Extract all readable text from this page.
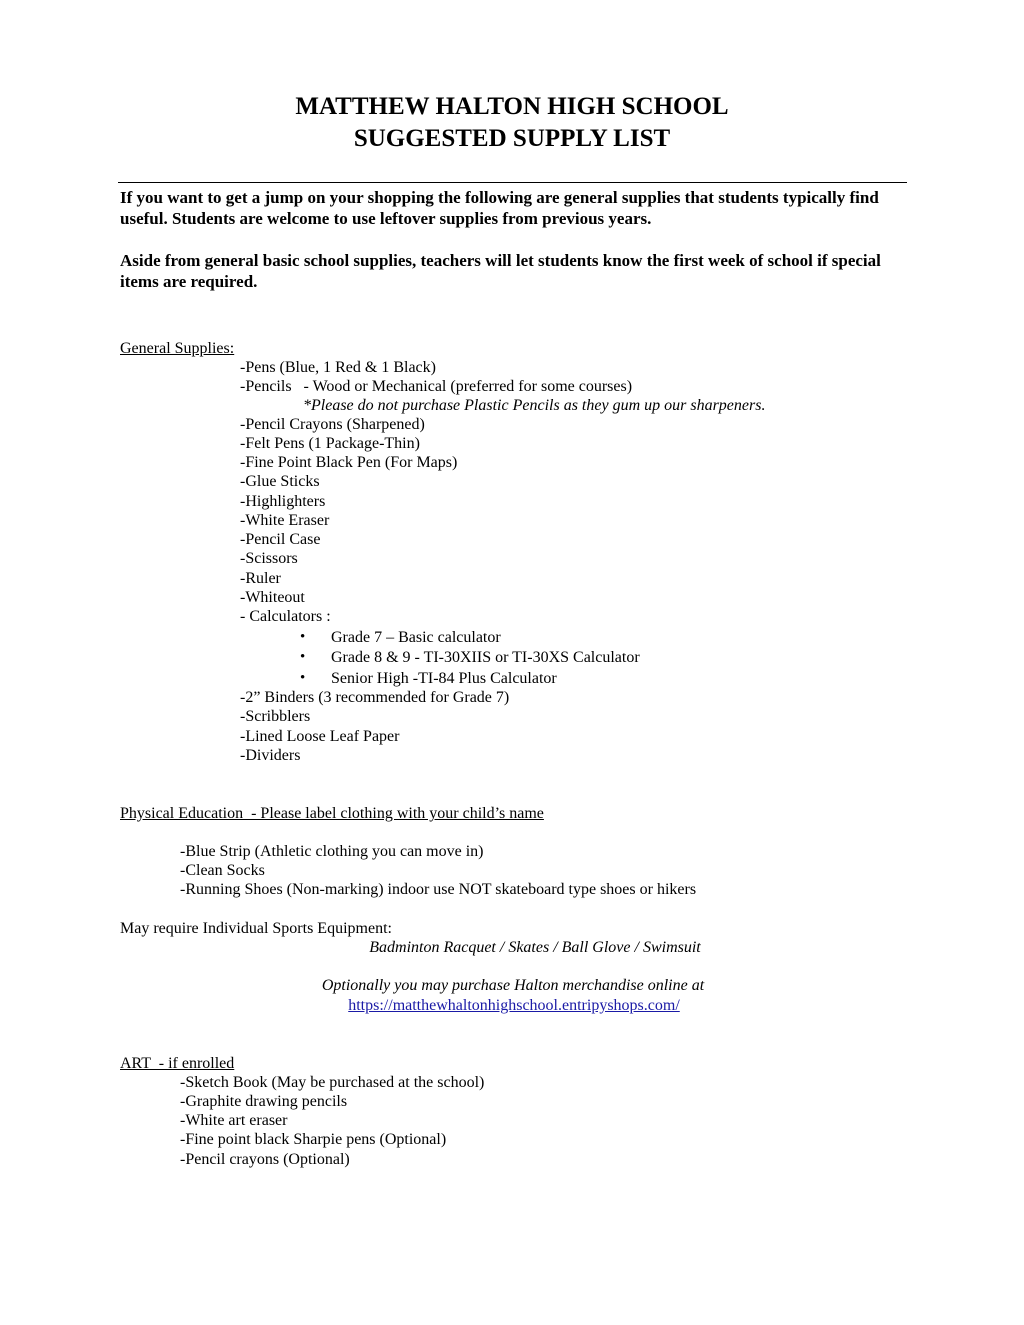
MATTHEW HALTON HIGH SCHOOL
SUGGESTED SUPPLY LIST
If you want to get a jump on your shopping the following are general supplies that students typically find useful. Students are welcome to use leftover supplies from previous years.
Aside from general basic school supplies, teachers will let students know the first week of school if special items are required.
General Supplies:
-Pens (Blue, 1 Red & 1 Black)
-Pencils   - Wood or Mechanical (preferred for some courses)
*Please do not purchase Plastic Pencils as they gum up our sharpeners.
-Pencil Crayons (Sharpened)
-Felt Pens (1 Package-Thin)
-Fine Point Black Pen (For Maps)
-Glue Sticks
-Highlighters
-White Eraser
-Pencil Case
-Scissors
-Ruler
-Whiteout
- Calculators :
• Grade 7 – Basic calculator
• Grade 8 & 9 - TI-30XIIS or TI-30XS Calculator
• Senior High -TI-84 Plus Calculator
-2” Binders (3 recommended for Grade 7)
-Scribblers
-Lined Loose Leaf Paper
-Dividers
Physical Education  - Please label clothing with your child’s name
-Blue Strip (Athletic clothing you can move in)
-Clean Socks
-Running Shoes (Non-marking) indoor use NOT skateboard type shoes or hikers
May require Individual Sports Equipment:
Badminton Racquet / Skates / Ball Glove / Swimsuit
Optionally you may purchase Halton merchandise online at
https://matthewhaltonhighschool.entripyshops.com/
ART  - if enrolled
-Sketch Book (May be purchased at the school)
-Graphite drawing pencils
-White art eraser
-Fine point black Sharpie pens (Optional)
-Pencil crayons (Optional)
